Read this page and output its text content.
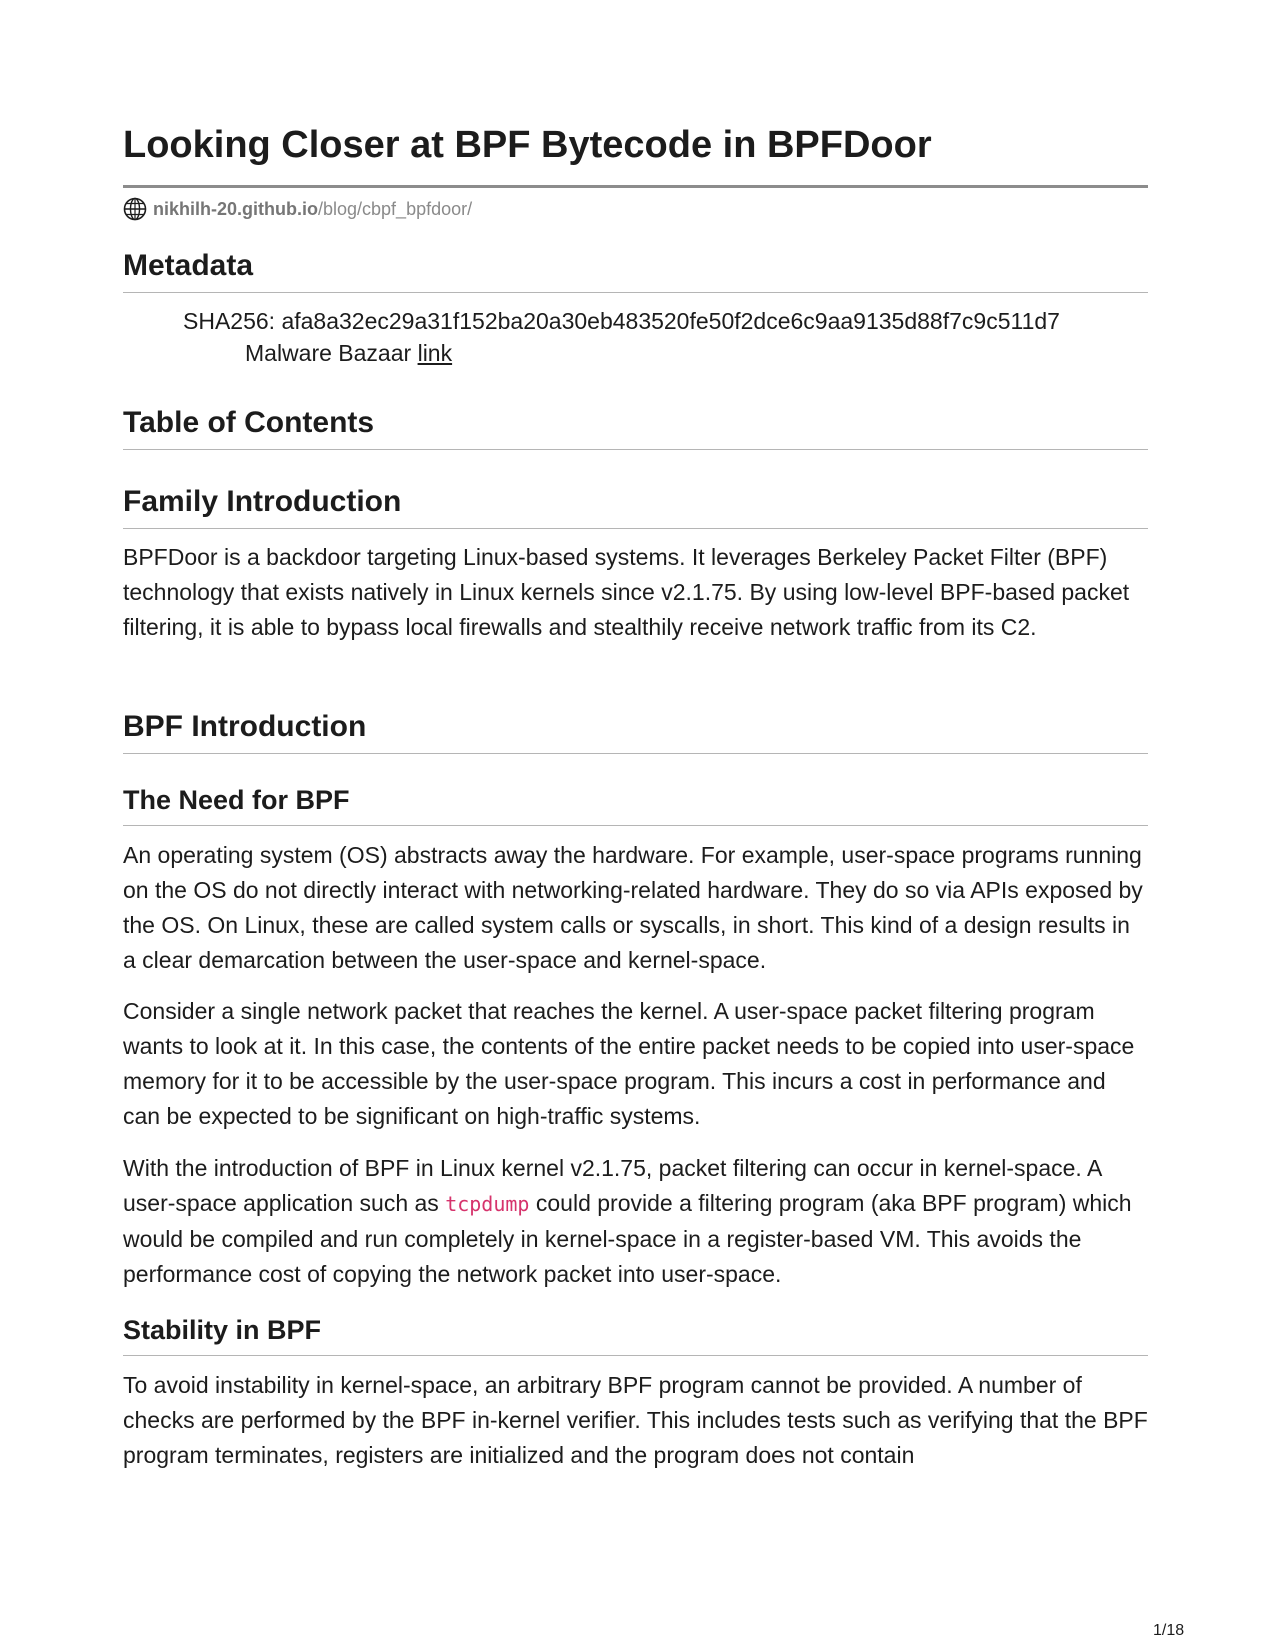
Looking Closer at BPF Bytecode in BPFDoor
nikhilh-20.github.io /blog/cbpf_bpfdoor/
Metadata

SHA256: afa8a32ec29a31f152ba20a30eb483520fe50f2dce6c9aa9135d88f7c9c511d7

Malware Bazaar link

Table of Contents
Family Introduction

BPFDoor is a backdoor targeting Linux-based systems. It leverages Berkeley Packet Filter (BPF) technology that exists natively in Linux kernels since v2.1.75. By using low-level BPF-based packet filtering, it is able to bypass local firewalls and stealthily receive network traffic from its C2.

BPF Introduction
The Need for BPF

An operating system (OS) abstracts away the hardware. For example, user-space programs running on the OS do not directly interact with networking-related hardware. They do so via APIs exposed by the OS. On Linux, these are called system calls or syscalls, in short. This kind of a design results in a clear demarcation between the user-space and kernel-space.

Consider a single network packet that reaches the kernel. A user-space packet filtering program wants to look at it. In this case, the contents of the entire packet needs to be copied into user-space memory for it to be accessible by the user-space program. This incurs a cost in performance and can be expected to be significant on high-traffic systems.

With the introduction of BPF in Linux kernel v2.1.75, packet filtering can occur in kernel-space. A user-space application such as tcpdump could provide a filtering program (aka BPF program) which would be compiled and run completely in kernel-space in a register-based VM. This avoids the performance cost of copying the network packet into user-space.

Stability in BPF

To avoid instability in kernel-space, an arbitrary BPF program cannot be provided. A number of checks are performed by the BPF in-kernel verifier. This includes tests such as verifying that the BPF program terminates, registers are initialized and the program does not contain

1/18
